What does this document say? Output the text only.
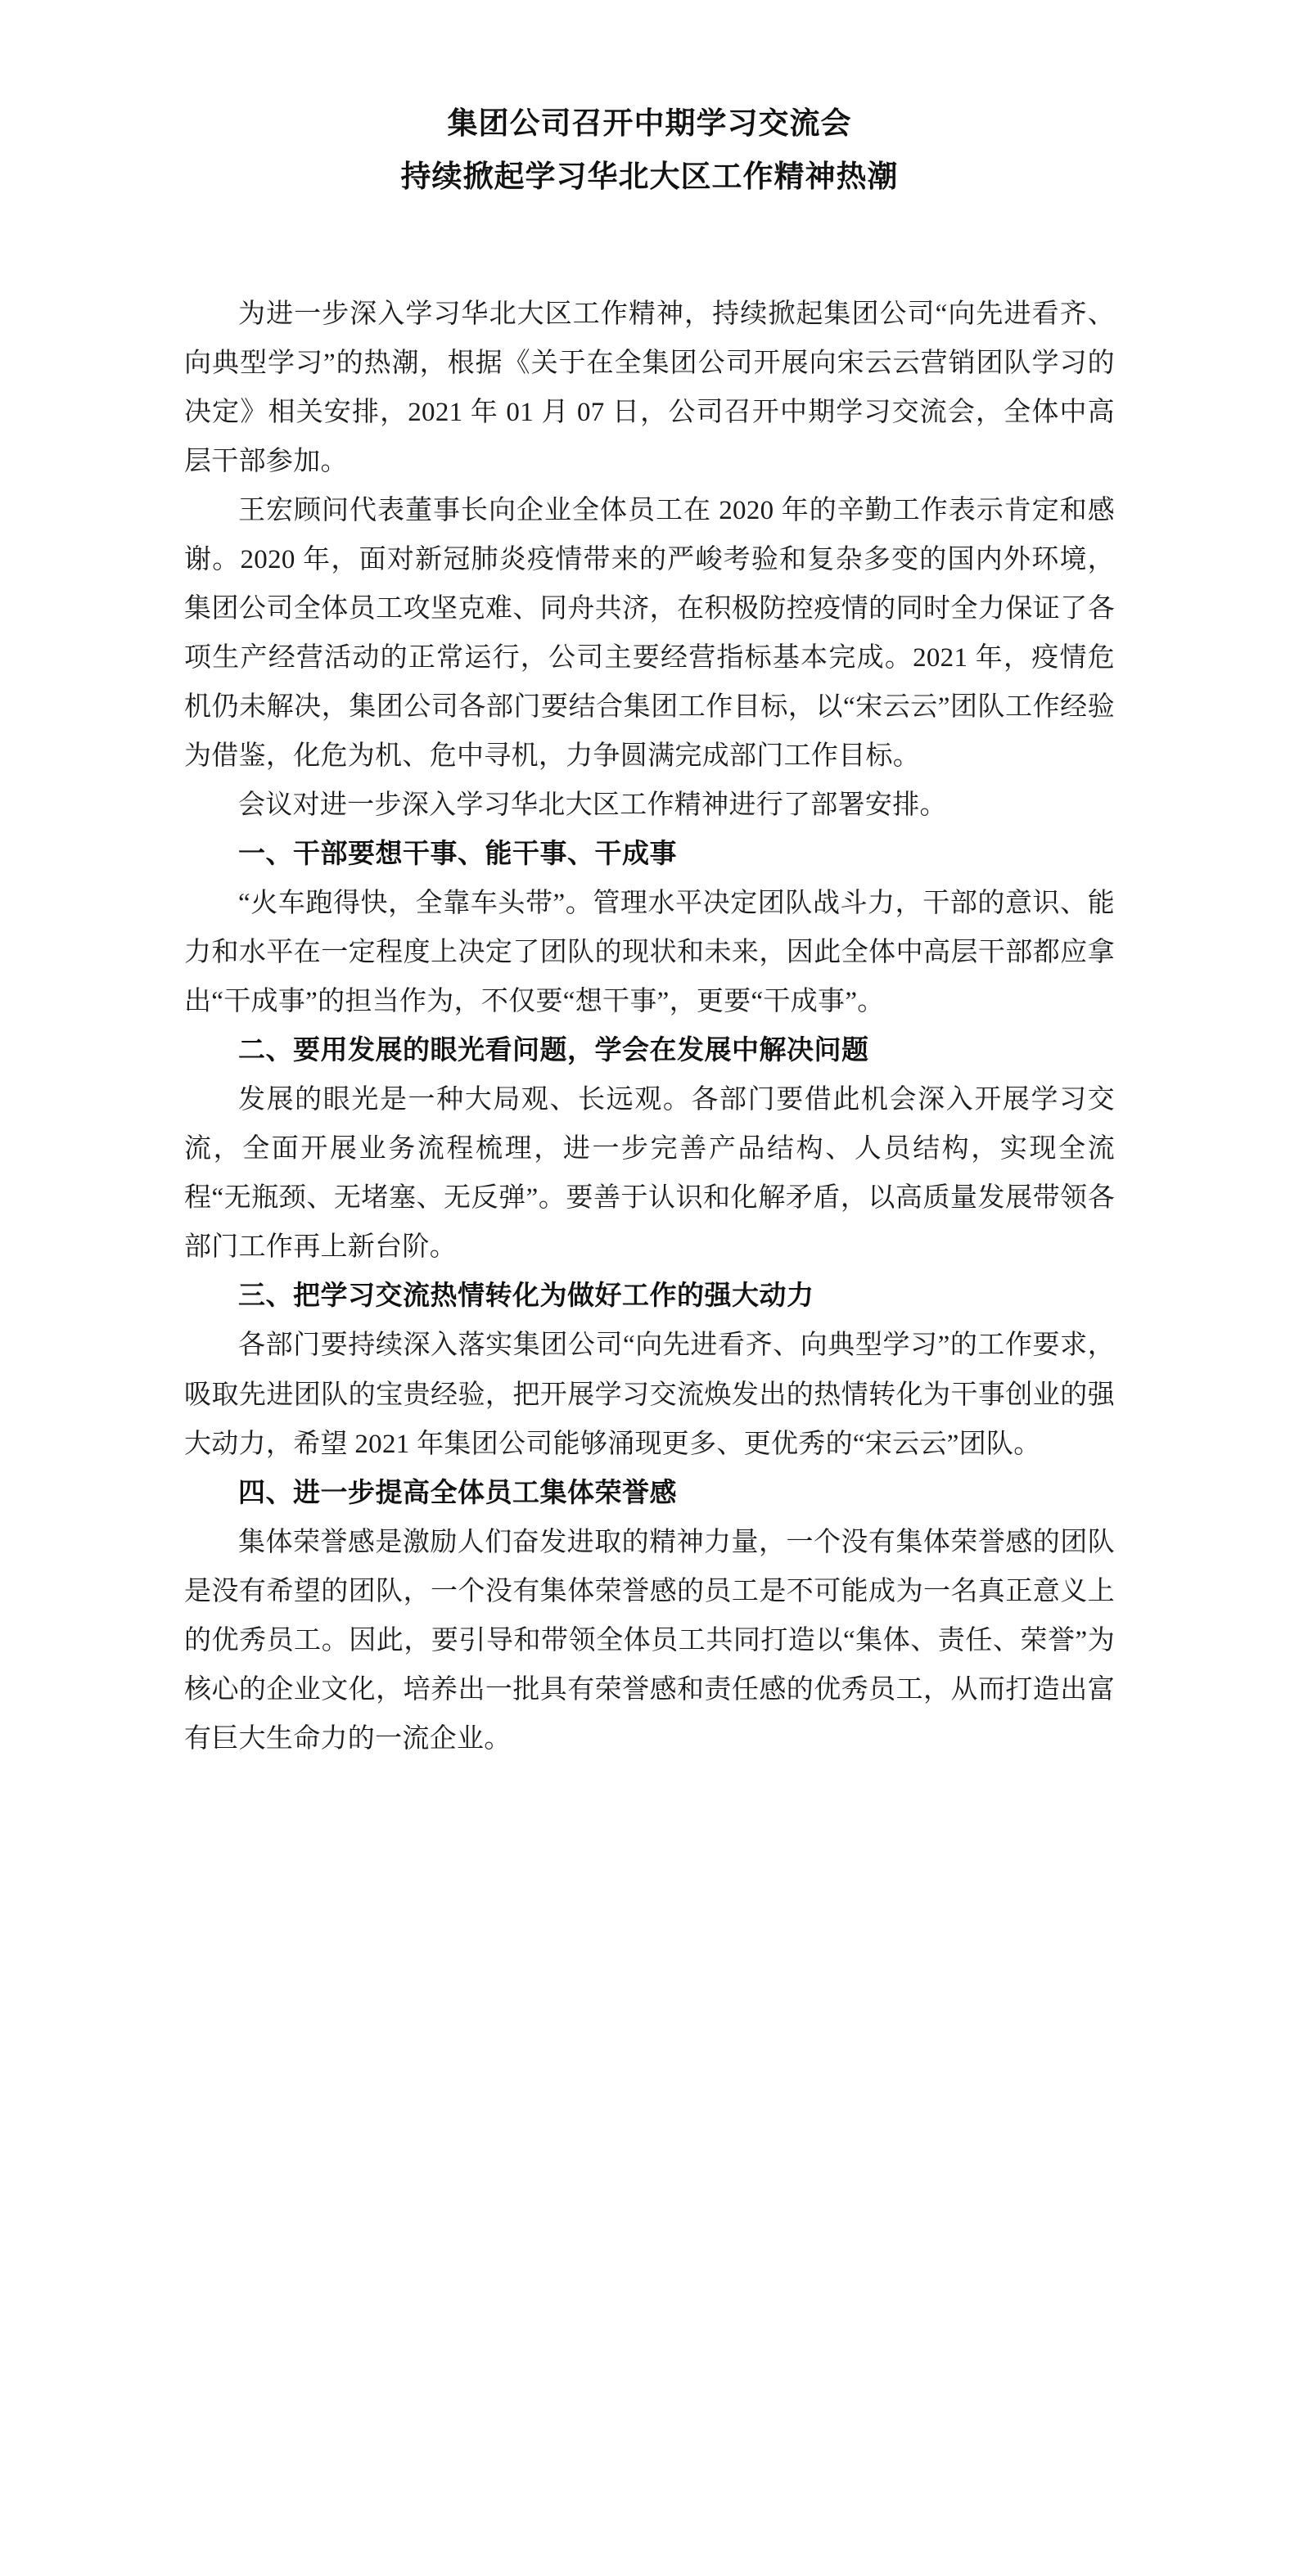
集团公司召开中期学习交流会
持续掀起学习华北大区工作精神热潮

为进一步深入学习华北大区工作精神，持续掀起集团公司“向先进看齐、向典型学习”的热潮，根据《关于在全集团公司开展向宋云云营销团队学习的决定》相关安排，2021 年 01 月 07 日，公司召开中期学习交流会，全体中高层干部参加。

王宏顾问代表董事长向企业全体员工在 2020 年的辛勤工作表示肯定和感谢。2020 年，面对新冠肺炎疫情带来的严峻考验和复杂多变的国内外环境，集团公司全体员工攻坚克难、同舟共济，在积极防控疫情的同时全力保证了各项生产经营活动的正常运行，公司主要经营指标基本完成。2021 年，疫情危机仍未解决，集团公司各部门要结合集团工作目标，以“宋云云”团队工作经验为借鉴，化危为机、危中寻机，力争圆满完成部门工作目标。

会议对进一步深入学习华北大区工作精神进行了部署安排。

一、干部要想干事、能干事、干成事

“火车跑得快，全靠车头带”。管理水平决定团队战斗力，干部的意识、能力和水平在一定程度上决定了团队的现状和未来，因此全体中高层干部都应拿出“干成事”的担当作为，不仅要“想干事”，更要“干成事”。

二、要用发展的眼光看问题，学会在发展中解决问题

发展的眼光是一种大局观、长远观。各部门要借此机会深入开展学习交流，全面开展业务流程梳理，进一步完善产品结构、人员结构，实现全流程“无瓶颈、无堵塞、无反弹”。要善于认识和化解矛盾，以高质量发展带领各部门工作再上新台阶。

三、把学习交流热情转化为做好工作的强大动力

各部门要持续深入落实集团公司“向先进看齐、向典型学习”的工作要求，吸取先进团队的宝贵经验，把开展学习交流焕发出的热情转化为干事创业的强大动力，希望 2021 年集团公司能够涌现更多、更优秀的“宋云云”团队。

四、进一步提高全体员工集体荣誉感

集体荣誉感是激励人们奋发进取的精神力量，一个没有集体荣誉感的团队是没有希望的团队，一个没有集体荣誉感的员工是不可能成为一名真正意义上的优秀员工。因此，要引导和带领全体员工共同打造以“集体、责任、荣誉”为核心的企业文化，培养出一批具有荣誉感和责任感的优秀员工，从而打造出富有巨大生命力的一流企业。
